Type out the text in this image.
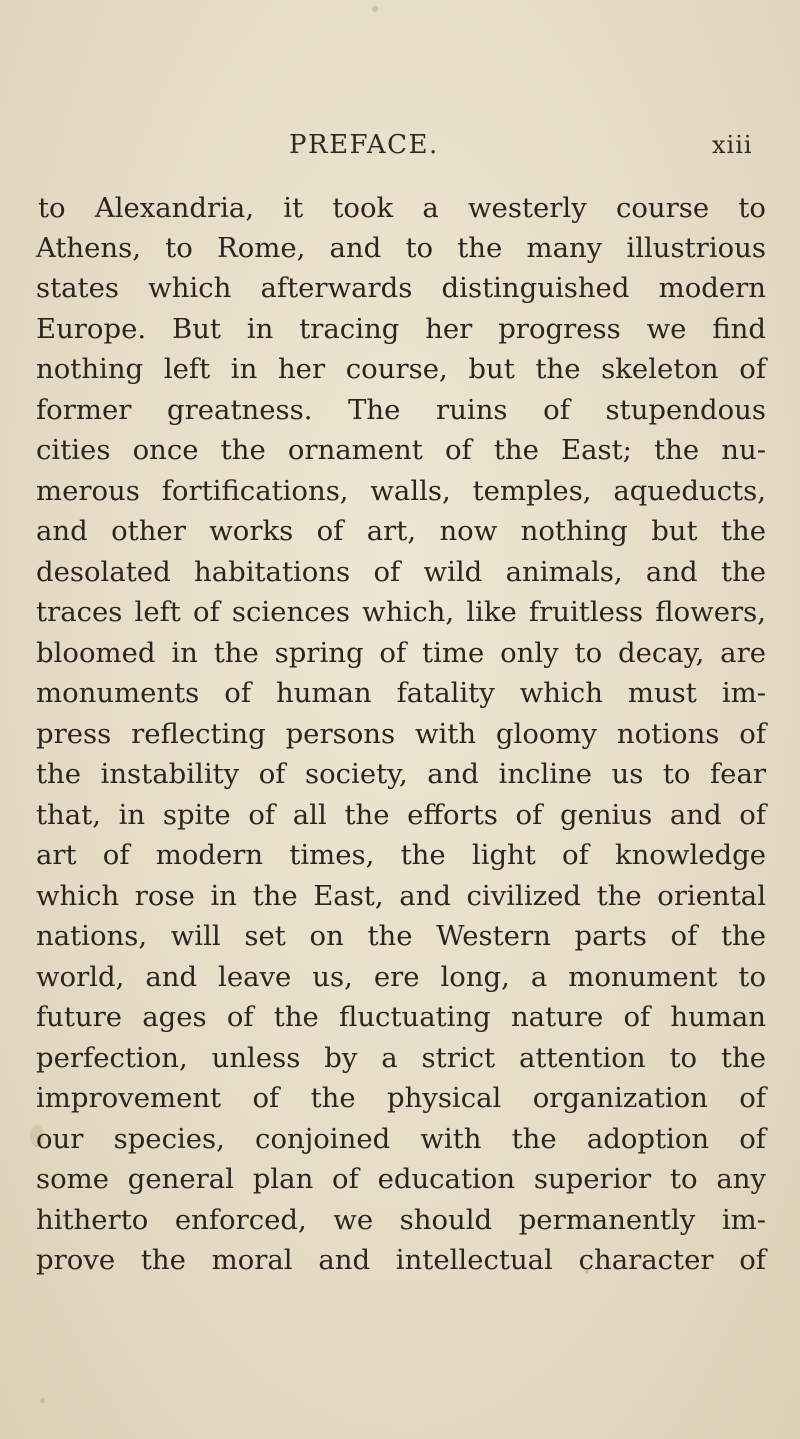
PREFACE.	xiii
to Alexandria, it took a westerly course to
Athens, to Rome, and to the many illustrious
states which afterwards distinguished modern
Europe. But in tracing her progress we find
nothing left in her course, but the skeleton of
former greatness. The ruins of stupendous
cities once the ornament of the East; the nu-
merous fortifications, walls, temples, aqueducts,
and other works of art, now nothing but the
desolated habitations of wild animals, and the
traces left of sciences which, like fruitless flowers,
bloomed in the spring of time only to decay, are
monuments of human fatality which must im-
press reflecting persons with gloomy notions of
the instability of society, and incline us to fear
that, in spite of all the efforts of genius and of
art of modern times, the light of knowledge
which rose in the East, and civilized the oriental
nations, will set on the Western parts of the
world, and leave us, ere long, a monument to
future ages of the fluctuating nature of human
perfection, unless by a strict attention to the
improvement of the physical organization of
our species, conjoined with the adoption of
some general plan of education superior to any
hitherto enforced, we should permanently im-
prove the moral and intellectual character of
